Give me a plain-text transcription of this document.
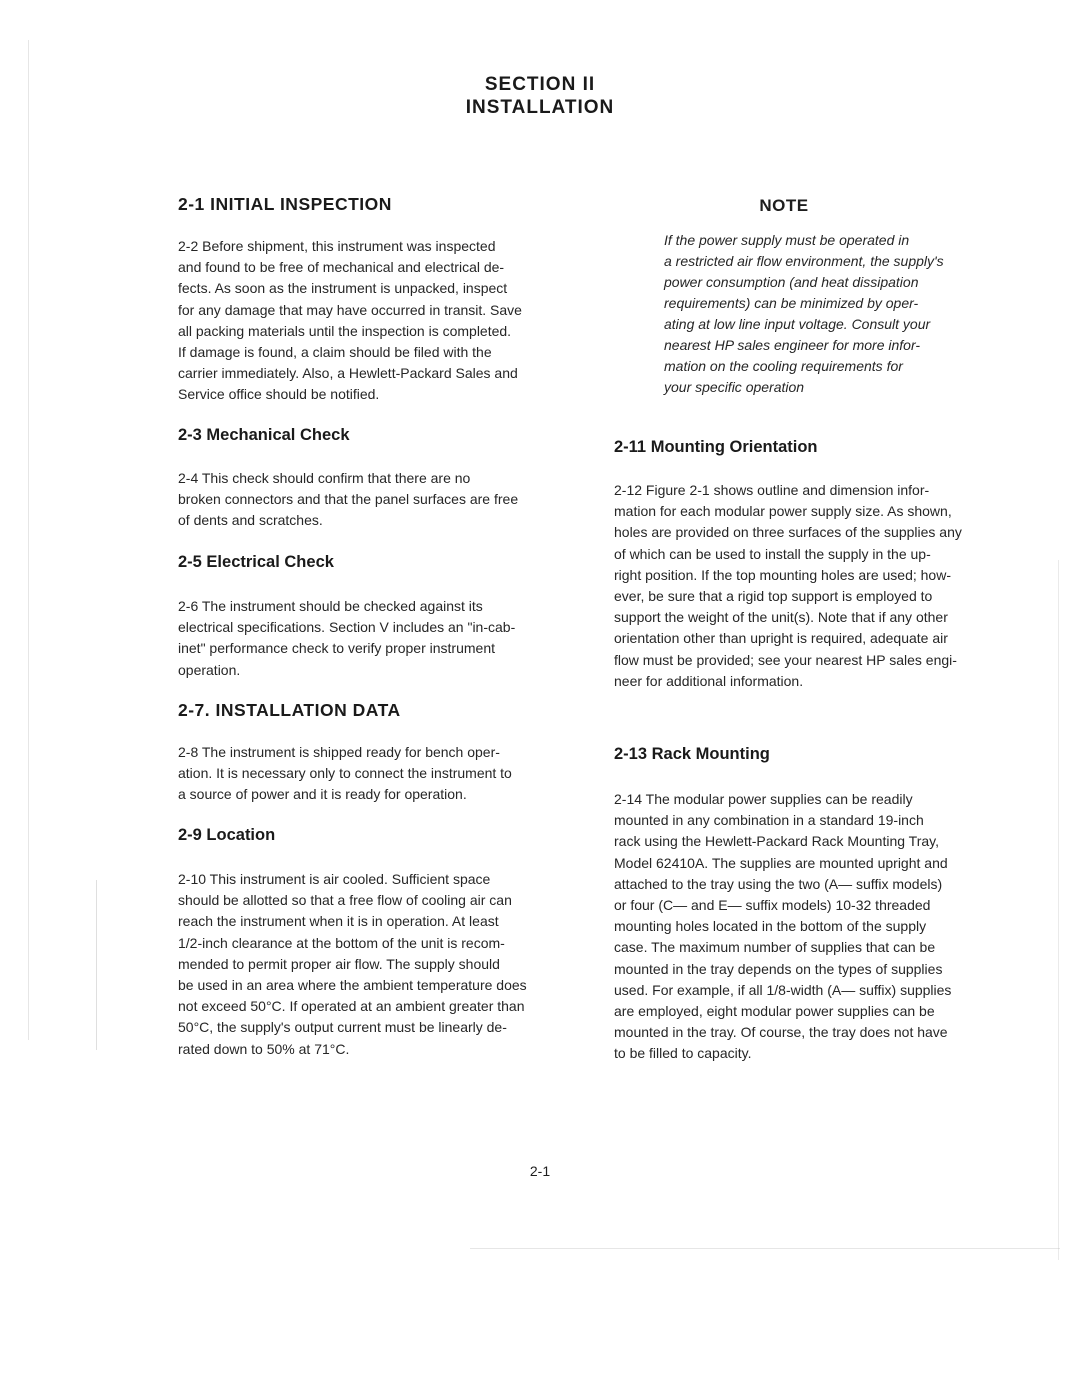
SECTION II
INSTALLATION
2-1 INITIAL INSPECTION
2-2 Before shipment, this instrument was inspected
and found to be free of mechanical and electrical de-
fects. As soon as the instrument is unpacked, inspect
for any damage that may have occurred in transit. Save
all packing materials until the inspection is completed.
If damage is found, a claim should be filed with the
carrier immediately. Also, a Hewlett-Packard Sales and
Service office should be notified.
2-3 Mechanical Check
2-4 This check should confirm that there are no
broken connectors and that the panel surfaces are free
of dents and scratches.
2-5 Electrical Check
2-6 The instrument should be checked against its
electrical specifications. Section V includes an "in-cab-
inet" performance check to verify proper instrument
operation.
2-7. INSTALLATION DATA
2-8 The instrument is shipped ready for bench oper-
ation. It is necessary only to connect the instrument to
a source of power and it is ready for operation.
2-9 Location
2-10 This instrument is air cooled. Sufficient space
should be allotted so that a free flow of cooling air can
reach the instrument when it is in operation. At least
1/2-inch clearance at the bottom of the unit is recom-
mended to permit proper air flow. The supply should
be used in an area where the ambient temperature does
not exceed 50°C. If operated at an ambient greater than
50°C, the supply's output current must be linearly de-
rated down to 50% at 71°C.
NOTE
If the power supply must be operated in
a restricted air flow environment, the supply's
power consumption (and heat dissipation
requirements) can be minimized by oper-
ating at low line input voltage. Consult your
nearest HP sales engineer for more infor-
mation on the cooling requirements for
your specific operation
2-11 Mounting Orientation
2-12 Figure 2-1 shows outline and dimension infor-
mation for each modular power supply size. As shown,
holes are provided on three surfaces of the supplies any
of which can be used to install the supply in the up-
right position. If the top mounting holes are used; how-
ever, be sure that a rigid top support is employed to
support the weight of the unit(s). Note that if any other
orientation other than upright is required, adequate air
flow must be provided; see your nearest HP sales engi-
neer for additional information.
2-13 Rack Mounting
2-14 The modular power supplies can be readily
mounted in any combination in a standard 19-inch
rack using the Hewlett-Packard Rack Mounting Tray,
Model 62410A. The supplies are mounted upright and
attached to the tray using the two (A— suffix models)
or four (C— and E— suffix models) 10-32 threaded
mounting holes located in the bottom of the supply
case. The maximum number of supplies that can be
mounted in the tray depends on the types of supplies
used. For example, if all 1/8-width (A— suffix) supplies
are employed, eight modular power supplies can be
mounted in the tray. Of course, the tray does not have
to be filled to capacity.
2-1
